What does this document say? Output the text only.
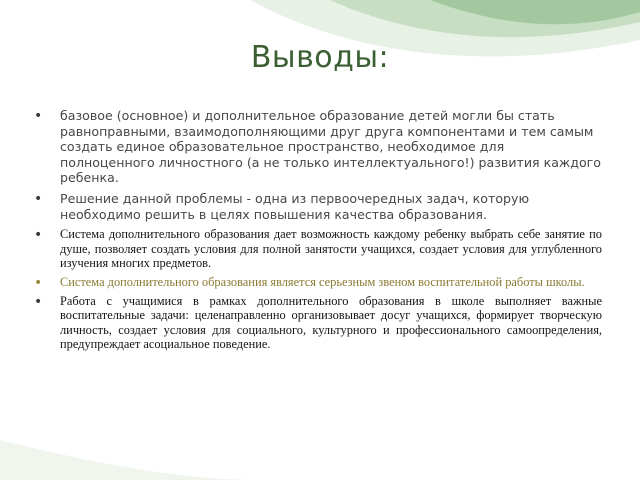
Выводы:
• базовое (основное) и дополнительное образование детей могли бы стать равноправными, взаимодополняющими друг друга компонентами и тем самым создать единое образовательное пространство, необходимое для полноценного личностного (а не только интеллектуального!) развития каждого ребенка.
• Решение данной проблемы - одна из первоочередных задач, которую необходимо решить в целях повышения качества образования.
• Система дополнительного образования дает возможность каждому ребенку выбрать себе занятие по душе, позволяет создать условия для полной занятости учащихся, создает условия для углубленного изучения многих предметов.
• Система дополнительного образования является серьезным звеном воспитательной работы школы.
• Работа с учащимися в рамках дополнительного образования в школе выполняет важные воспитательные задачи: целенаправленно организовывает досуг учащихся, формирует творческую личность, создает условия для социального, культурного и профессионального самоопределения, предупреждает асоциальное поведение.
